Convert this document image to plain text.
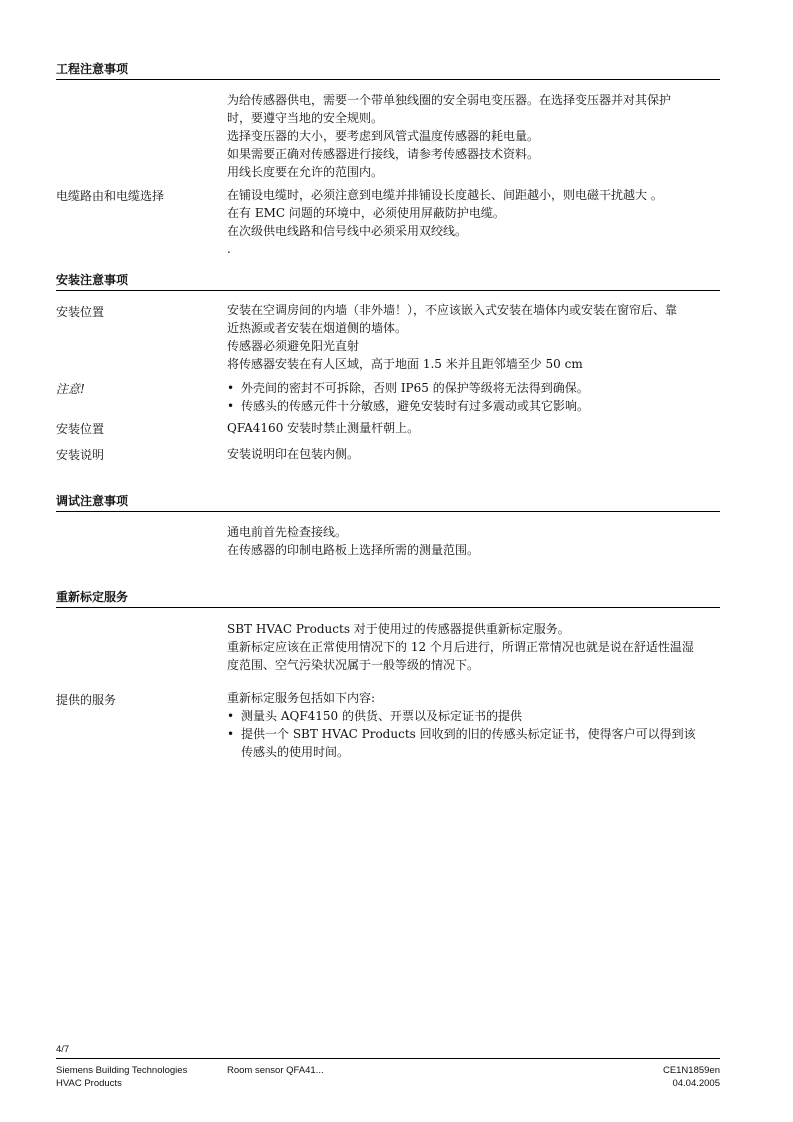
工程注意事项

为给传感器供电，需要一个带单独线圈的安全弱电变压器。在选择变压器并对其保护

时，要遵守当地的安全规则。

选择变压器的大小，要考虑到风管式温度传感器的耗电量。

如果需要正确对传感器进行接线，请参考传感器技术资料。

用线长度要在允许的范围内。

电缆路由和电缆选择	在铺设电缆时，必须注意到电缆并排铺设长度越长、间距越小，则电磁干扰越大 。

在有 EMC 问题的环境中，必须使用屏蔽防护电缆。

在次级供电线路和信号线中必须采用双绞线。

.

安装注意事项
安装位置	安装在空调房间的内墙（非外墙！），不应该嵌入式安装在墙体内或安装在窗帘后、靠

近热源或者安装在烟道侧的墙体。

传感器必须避免阳光直射

将传感器安装在有人区域，高于地面 1.5 米并且距邻墙至少 50 cm

注意!

•	外壳间的密封不可拆除，否则 IP65 的保护等级将无法得到确保。

• 传感头的传感元件十分敏感，避免安装时有过多震动或其它影响。

安装位置	QFA4160 安装时禁止测量杆朝上。
安装说明	安装说明印在包装内侧。
调试注意事项

通电前首先检查接线。

在传感器的印制电路板上选择所需的测量范围。

重新标定服务

SBT HVAC Products 对于使用过的传感器提供重新标定服务。

重新标定应该在正常使用情况下的 12 个月后进行，所谓正常情况也就是说在舒适性温湿

度范围、空气污染状况属于一般等级的情况下。

提供的服务	重新标定服务包括如下内容:

• 测量头 AQF4150 的供货、开票以及标定证书的提供

• 提供一个 SBT HVAC Products 回收到的旧的传感头标定证书，使得客户可以得到该

传感头的使用时间。

4/7
Siemens Building Technologies
HVAC Products
Room sensor QFA41...	CE1N1859en
04.04.2005
